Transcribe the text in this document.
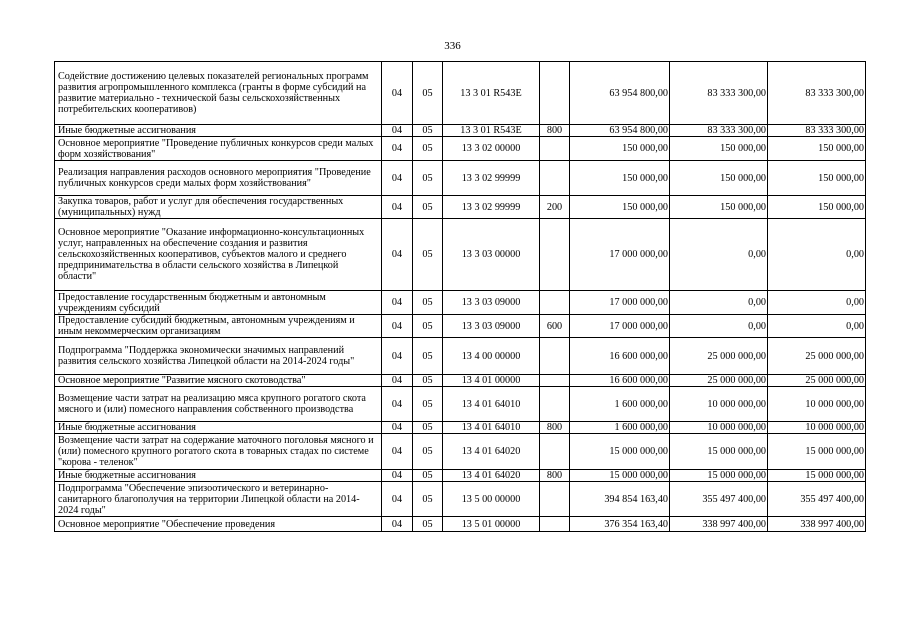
336
Содействие достижению целевых показателей региональных программ развития агропромышленного комплекса (гранты в форме субсидий на развитие материально - технической базы сельскохозяйственных потребительских кооперативов)	04	05	13 3 01 R543E		63 954 800,00	83 333 300,00	83 333 300,00
Иные бюджетные ассигнования	04	05	13 3 01 R543E	800	63 954 800,00	83 333 300,00	83 333 300,00
Основное мероприятие "Проведение публичных конкурсов среди малых форм хозяйствования"	04	05	13 3 02 00000		150 000,00	150 000,00	150 000,00
Реализация направления расходов основного мероприятия "Проведение публичных конкурсов среди малых форм хозяйствования"	04	05	13 3 02 99999		150 000,00	150 000,00	150 000,00
Закупка товаров, работ и услуг для обеспечения государственных (муниципальных) нужд	04	05	13 3 02 99999	200	150 000,00	150 000,00	150 000,00
Основное мероприятие "Оказание информационно-консультационных услуг, направленных на обеспечение создания и развития сельскохозяйственных кооперативов, субъектов малого и среднего предпринимательства в области сельского хозяйства в Липецкой области"	04	05	13 3 03 00000		17 000 000,00	0,00	0,00
Предоставление государственным бюджетным и автономным учреждениям субсидий	04	05	13 3 03 09000		17 000 000,00	0,00	0,00
Предоставление субсидий бюджетным, автономным учреждениям и иным некоммерческим организациям	04	05	13 3 03 09000	600	17 000 000,00	0,00	0,00
Подпрограмма "Поддержка экономически значимых направлений развития сельского хозяйства Липецкой области на 2014-2024 годы"	04	05	13 4 00 00000		16 600 000,00	25 000 000,00	25 000 000,00
Основное мероприятие "Развитие мясного скотоводства"	04	05	13 4 01 00000		16 600 000,00	25 000 000,00	25 000 000,00
Возмещение части затрат на реализацию мяса крупного рогатого скота мясного и (или) помесного направления собственного производства	04	05	13 4 01 64010		1 600 000,00	10 000 000,00	10 000 000,00
Иные бюджетные ассигнования	04	05	13 4 01 64010	800	1 600 000,00	10 000 000,00	10 000 000,00
Возмещение части затрат на содержание маточного поголовья мясного и (или) помесного крупного рогатого скота в товарных стадах по системе "корова - теленок"	04	05	13 4 01 64020		15 000 000,00	15 000 000,00	15 000 000,00
Иные бюджетные ассигнования	04	05	13 4 01 64020	800	15 000 000,00	15 000 000,00	15 000 000,00
Подпрограмма "Обеспечение эпизоотического и ветеринарно-санитарного благополучия на территории Липецкой области на 2014-2024 годы"	04	05	13 5 00 00000		394 854 163,40	355 497 400,00	355 497 400,00
Основное мероприятие "Обеспечение проведения	04	05	13 5 01 00000		376 354 163,40	338 997 400,00	338 997 400,00
